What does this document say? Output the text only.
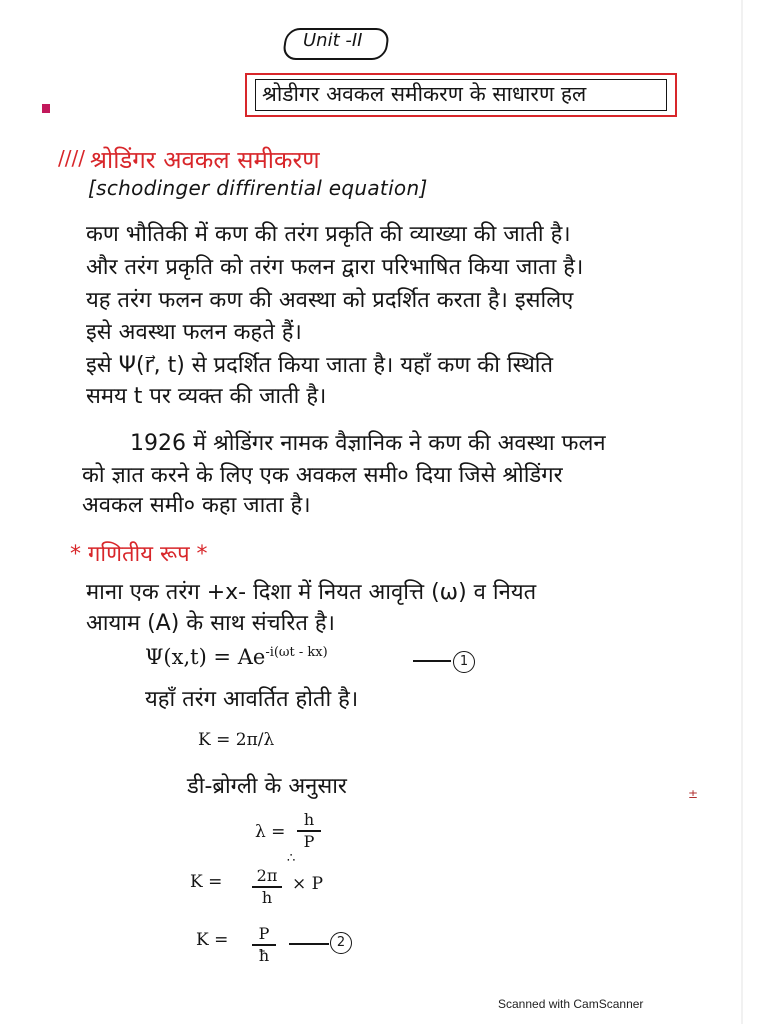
Unit -II
श्रोडीगर अवकल समीकरण के साधारण हल
//// श्रोडिंगर अवकल समीकरण
[schodinger diffirential equation]
कण भौतिकी में कण की तरंग प्रकृति की व्याख्या की जाती है।
और तरंग प्रकृति को तरंग फलन द्वारा परिभाषित किया जाता है।
यह तरंग फलन कण की अवस्था को प्रदर्शित करता है। इसलिए
इसे अवस्था फलन कहते हैं।
इसे Ψ(r⃗, t) से प्रदर्शित किया जाता है। यहाँ कण की स्थिति
समय t पर व्यक्त की जाती है।
1926 में श्रोडिंगर नामक वैज्ञानिक ने कण की अवस्था फलन
को ज्ञात करने के लिए एक अवकल समी० दिया जिसे श्रोडिंगर
अवकल समी० कहा जाता है।
* गणितीय रूप *
माना एक तरंग +x- दिशा में नियत आवृत्ति (ω) व नियत
आयाम (A) के साथ संचरित है।
$\Psi(x,t) = Ae^{-i(\omega t - kx)}$
1
यहाँ तरंग आवर्तित होती है।
K = 2π/λ
डी-ब्रोग्ली के अनुसार
λ =
h
P
∴
K = 2π
h
× P
K =	P
ħ
2
±
Scanned with CamScanner
